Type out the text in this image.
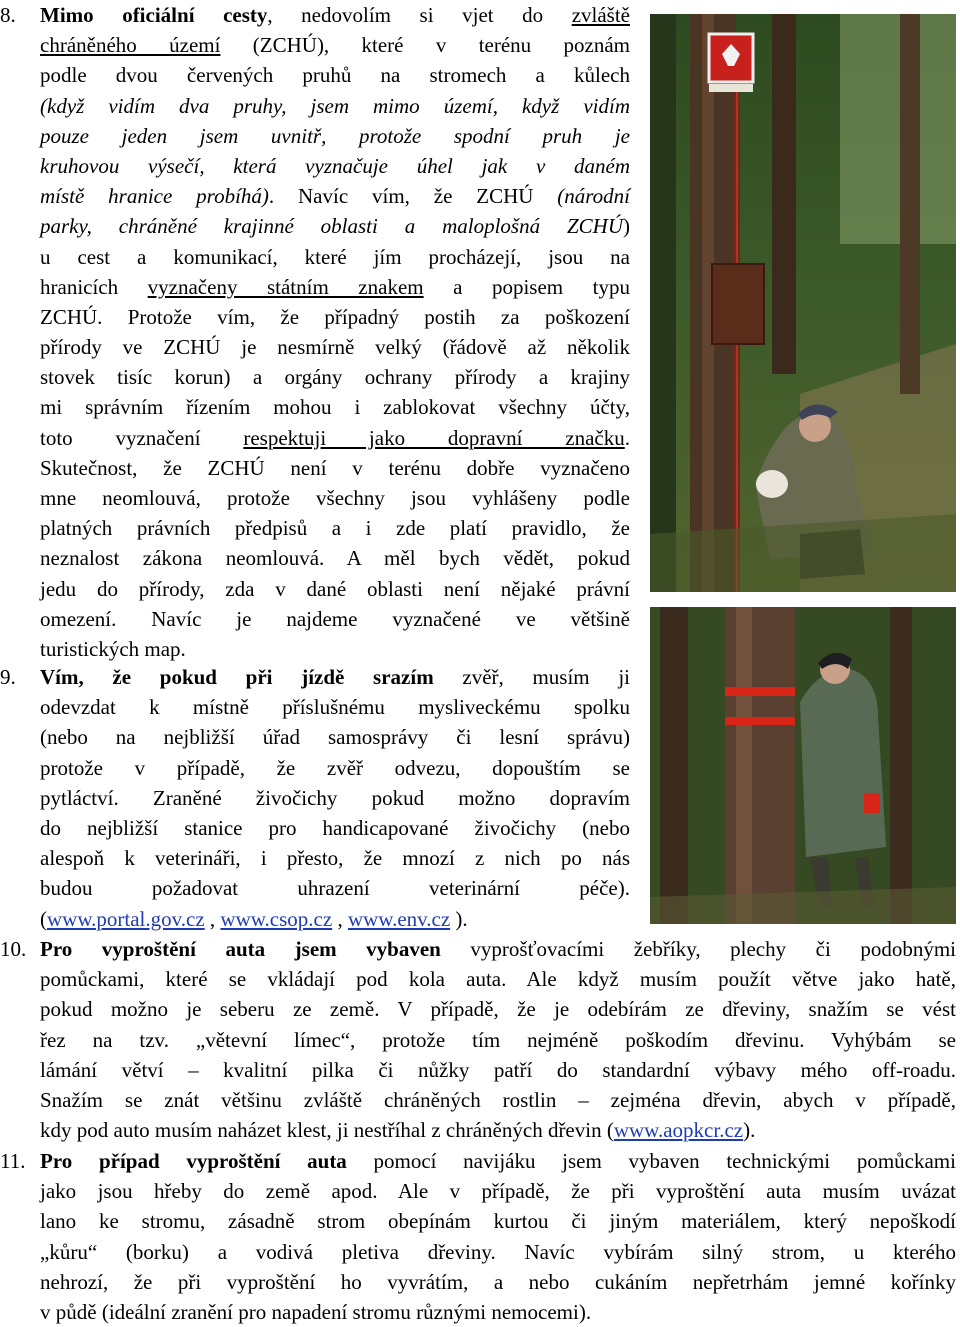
8.
9.
10.
11.
Mimo oficiální cesty, nedovolím si vjet do zvláště
chráněného území (ZCHÚ), které v terénu poznám
podle dvou červených pruhů na stromech a kůlech
(když vidím dva pruhy, jsem mimo území, když vidím
pouze jeden jsem uvnitř, protože spodní pruh je
kruhovou výsečí, která vyznačuje úhel jak v daném
místě hranice probíhá). Navíc vím, že ZCHÚ (národní
parky, chráněné krajinné oblasti a maloplošná ZCHÚ)
u cest a komunikací, které jím procházejí, jsou na
hranicích vyznačeny státním znakem a popisem typu
ZCHÚ. Protože vím, že případný postih za poškození
přírody ve ZCHÚ je nesmírně velký (řádově až několik
stovek tisíc korun) a orgány ochrany přírody a krajiny
mi správním řízením mohou i zablokovat všechny účty,
toto vyznačení respektuji jako dopravní značku.
Skutečnost, že ZCHÚ není v terénu dobře vyznačeno
mne neomlouvá, protože všechny jsou vyhlášeny podle
platných právních předpisů a i zde platí pravidlo, že
neznalost zákona neomlouvá. A měl bych vědět, pokud
jedu do přírody, zda v dané oblasti není nějaké právní
omezení. Navíc je najdeme vyznačené ve většině
turistických map.
Vím, že pokud při jízdě srazím zvěř, musím ji
odevzdat k místně příslušnému mysliveckému spolku
(nebo na nejbližší úřad samosprávy či lesní správu)
protože v případě, že zvěř odvezu, dopouštím se
pytláctví. Zraněné živočichy pokud možno dopravím
do nejbližší stanice pro handicapované živočichy (nebo
alespoň k veterináři, i přesto, že mnozí z nich po nás
budou požadovat uhrazení veterinární péče).
(www.portal.gov.cz , www.csop.cz , www.env.cz ).
Pro vyproštění auta jsem vybaven vyprošťovacími žebříky, plechy či podobnými
pomůckami, které se vkládají pod kola auta. Ale když musím použít větve jako hatě,
pokud možno je seberu ze země. V případě, že je odebírám ze dřeviny, snažím se vést
řez na tzv. „větevní límec“, protože tím nejméně poškodím dřevinu. Vyhýbám se
lámání větví – kvalitní pilka či nůžky patří do standardní výbavy mého off-roadu.
Snažím se znát většinu zvláště chráněných rostlin – zejména dřevin, abych v případě,
kdy pod auto musím naházet klest, ji nestříhal z chráněných dřevin (www.aopkcr.cz).
Pro případ vyproštění auta pomocí navijáku jsem vybaven technickými pomůckami
jako jsou hřeby do země apod. Ale v případě, že při vyproštění auta musím uvázat
lano ke stromu, zásadně strom obepínám kurtou či jiným materiálem, který nepoškodí
„kůru“ (borku) a vodivá pletiva dřeviny. Navíc vybírám silný strom, u kterého
nehrozí, že při vyproštění ho vyvrátím, a nebo cukáním nepřetrhám jemné kořínky
v půdě (ideální zranění pro napadení stromu různými nemocemi).
